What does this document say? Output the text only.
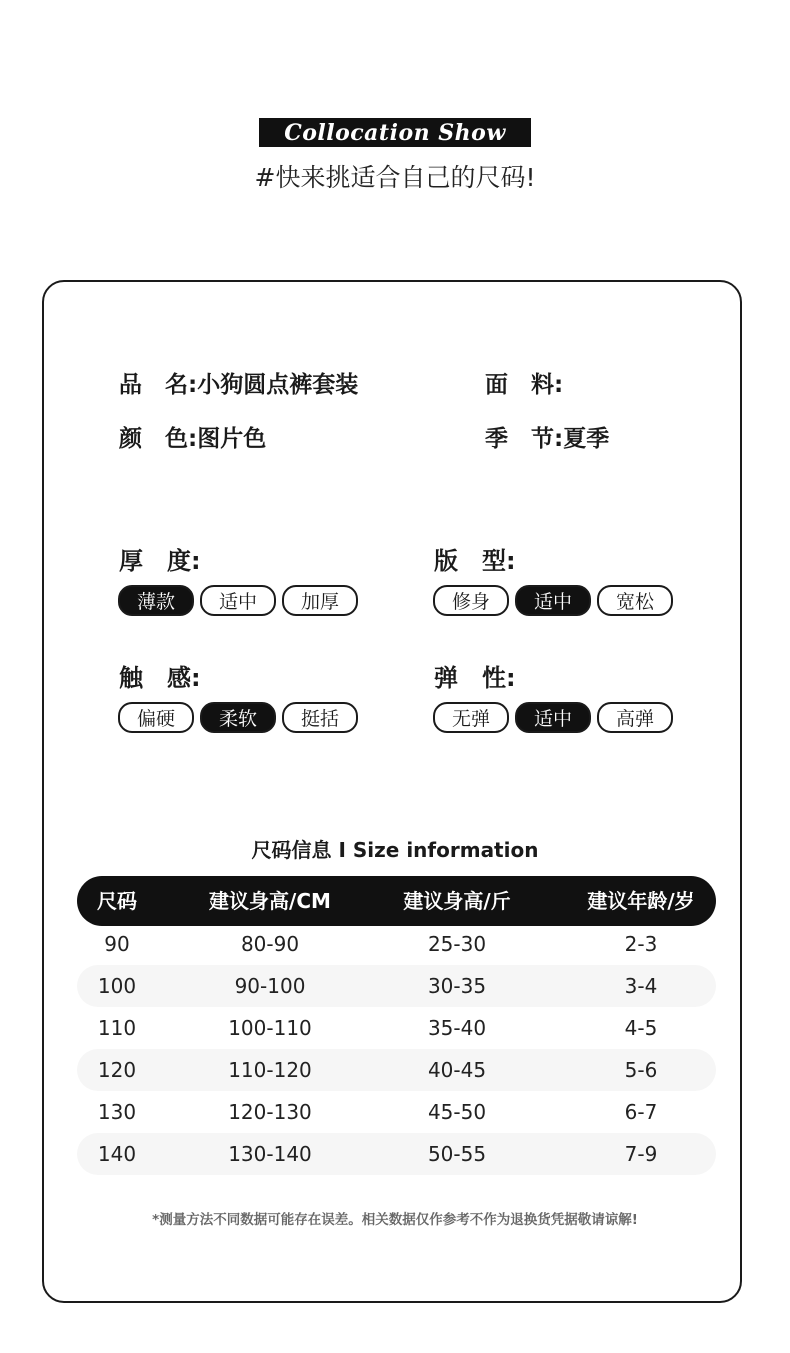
Collocation Show
#快来挑适合自己的尺码!
品　名: 小狗圆点裤套装	面　料:
颜　色: 图片色	季　节: 夏季
厚　度:
薄款	适中	加厚
版　型:
修身	适中	宽松
触　感:
偏硬	柔软	挺括
弹　性:
无弹	适中	高弹
尺码信息 I Size information
尺码	建议身高/CM	建议身高/斤	建议年龄/岁
90	80-90	25-30	2-3
100	90-100	30-35	3-4
110	100-110	35-40	4-5
120	110-120	40-45	5-6
130	120-130	45-50	6-7
140	130-140	50-55	7-9
*测量方法不同数据可能存在误差。相关数据仅作参考不作为退换货凭据敬请谅解!
